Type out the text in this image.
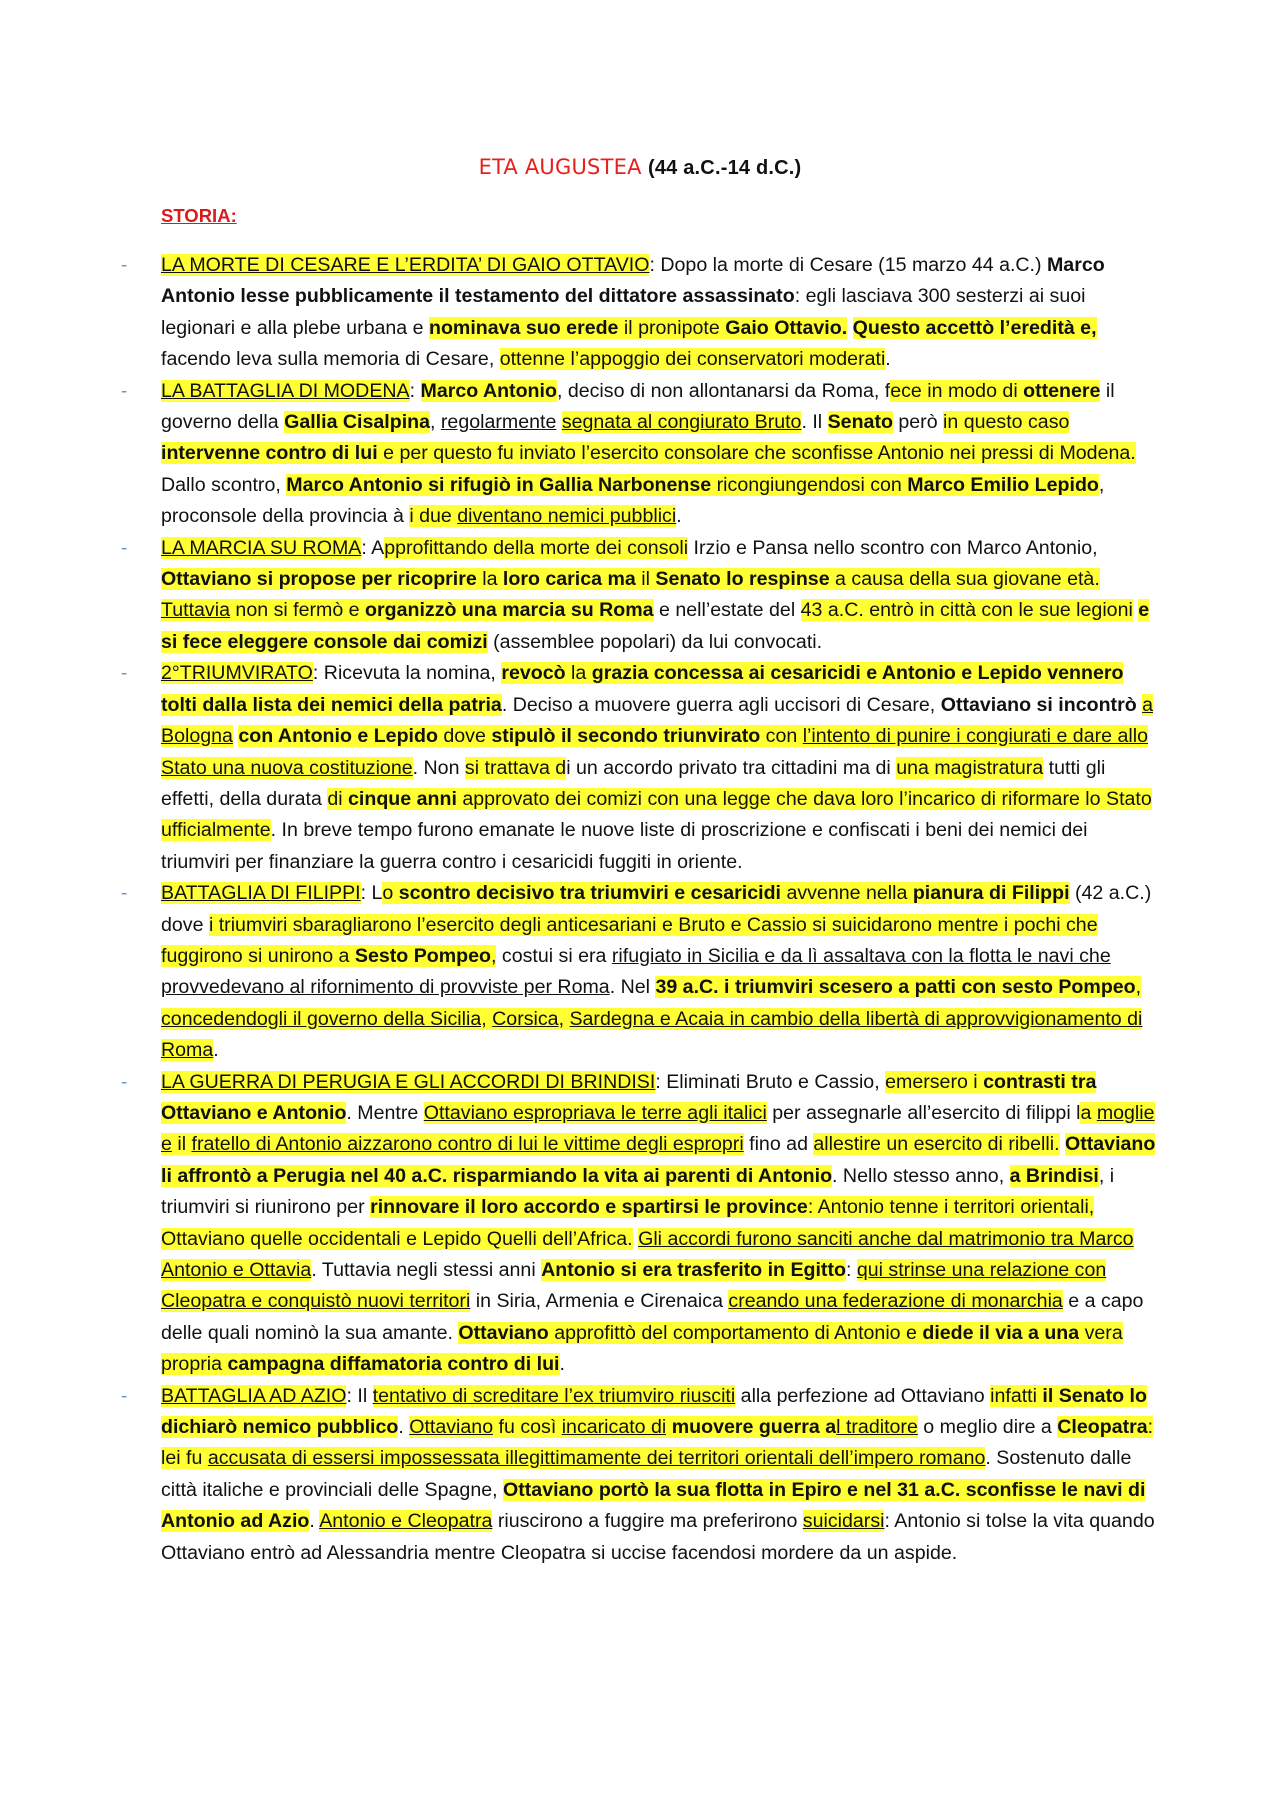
ETA AUGUSTEA (44 a.C.-14 d.C.)
STORIA:

- LA MORTE DI CESARE E L’ERDITA’ DI GAIO OTTAVIO: Dopo la morte di Cesare (15 marzo 44 a.C.) Marco Antonio lesse pubblicamente il testamento del dittatore assassinato: egli lasciava 300 sesterzi ai suoi legionari e alla plebe urbana e nominava suo erede il pronipote Gaio Ottavio. Questo accettò l’eredità e, facendo leva sulla memoria di Cesare, ottenne l’appoggio dei conservatori moderati.

- LA BATTAGLIA DI MODENA: Marco Antonio, deciso di non allontanarsi da Roma, fece in modo di ottenere il governo della Gallia Cisalpina, regolarmente segnata al congiurato Bruto. Il Senato però in questo caso intervenne contro di lui e per questo fu inviato l’esercito consolare che sconfisse Antonio nei pressi di Modena. Dallo scontro, Marco Antonio si rifugiò in Gallia Narbonense ricongiungendosi con Marco Emilio Lepido, proconsole della provincia à i due diventano nemici pubblici.

- LA MARCIA SU ROMA: Approfittando della morte dei consoli Irzio e Pansa nello scontro con Marco Antonio, Ottaviano si propose per ricoprire la loro carica ma il Senato lo respinse a causa della sua giovane età. Tuttavia non si fermò e organizzò una marcia su Roma e nell’estate del 43 a.C. entrò in città con le sue legioni e si fece eleggere console dai comizi (assemblee popolari) da lui convocati.

- 2°TRIUMVIRATO: Ricevuta la nomina, revocò la grazia concessa ai cesaricidi e Antonio e Lepido vennero tolti dalla lista dei nemici della patria. Deciso a muovere guerra agli uccisori di Cesare, Ottaviano si incontrò a Bologna con Antonio e Lepido dove stipulò il secondo triunvirato con l’intento di punire i congiurati e dare allo Stato una nuova costituzione. Non si trattava di un accordo privato tra cittadini ma di una magistratura tutti gli effetti, della durata di cinque anni approvato dei comizi con una legge che dava loro l’incarico di riformare lo Stato ufficialmente. In breve tempo furono emanate le nuove liste di proscrizione e confiscati i beni dei nemici dei triumviri per finanziare la guerra contro i cesaricidi fuggiti in oriente.

- BATTAGLIA DI FILIPPI: Lo scontro decisivo tra triumviri e cesaricidi avvenne nella pianura di Filippi (42 a.C.) dove i triumviri sbaragliarono l’esercito degli anticesariani e Bruto e Cassio si suicidarono mentre i pochi che fuggirono si unirono a Sesto Pompeo, costui si era rifugiato in Sicilia e da lì assaltava con la flotta le navi che provvedevano al rifornimento di provviste per Roma. Nel 39 a.C. i triumviri scesero a patti con sesto Pompeo, concedendogli il governo della Sicilia, Corsica, Sardegna e Acaia in cambio della libertà di approvvigionamento di Roma.

- LA GUERRA DI PERUGIA E GLI ACCORDI DI BRINDISI: Eliminati Bruto e Cassio, emersero i contrasti tra Ottaviano e Antonio. Mentre Ottaviano espropriava le terre agli italici per assegnarle all’esercito di filippi la moglie e il fratello di Antonio aizzarono contro di lui le vittime degli espropri fino ad allestire un esercito di ribelli. Ottaviano li affrontò a Perugia nel 40 a.C. risparmiando la vita ai parenti di Antonio. Nello stesso anno, a Brindisi, i triumviri si riunirono per rinnovare il loro accordo e spartirsi le province: Antonio tenne i territori orientali, Ottaviano quelle occidentali e Lepido Quelli dell’Africa. Gli accordi furono sanciti anche dal matrimonio tra Marco Antonio e Ottavia. Tuttavia negli stessi anni Antonio si era trasferito in Egitto: qui strinse una relazione con Cleopatra e conquistò nuovi territori in Siria, Armenia e Cirenaica creando una federazione di monarchia e a capo delle quali nominò la sua amante. Ottaviano approfittò del comportamento di Antonio e diede il via a una vera propria campagna diffamatoria contro di lui.

- BATTAGLIA AD AZIO: Il tentativo di screditare l’ex triumviro riusciti alla perfezione ad Ottaviano infatti il Senato lo dichiarò nemico pubblico. Ottaviano fu così incaricato di muovere guerra al traditore o meglio dire a Cleopatra: lei fu accusata di essersi impossessata illegittimamente dei territori orientali dell’impero romano. Sostenuto dalle città italiche e provinciali delle Spagne, Ottaviano portò la sua flotta in Epiro e nel 31 a.C. sconfisse le navi di Antonio ad Azio. Antonio e Cleopatra riuscirono a fuggire ma preferirono suicidarsi: Antonio si tolse la vita quando Ottaviano entrò ad Alessandria mentre Cleopatra si uccise facendosi mordere da un aspide.
